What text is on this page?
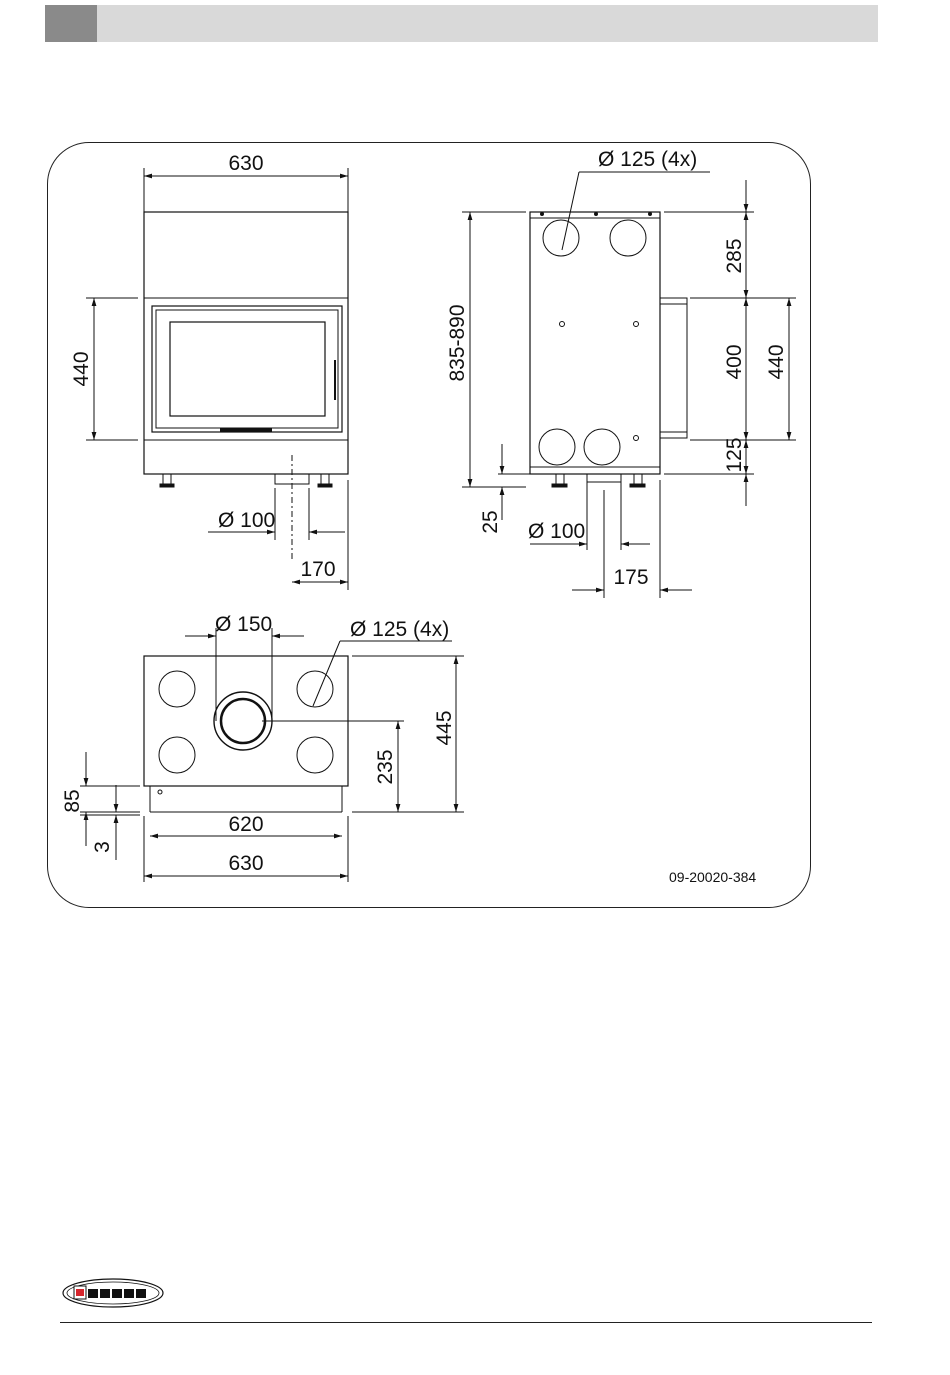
630
440
Ø 100
170
Ø 125 (4x)
835-890
285
400 440
125
25 Ø 100
175
Ø 150	Ø 125 (4x)
445
235
85
3
620
630
09-20020-384
